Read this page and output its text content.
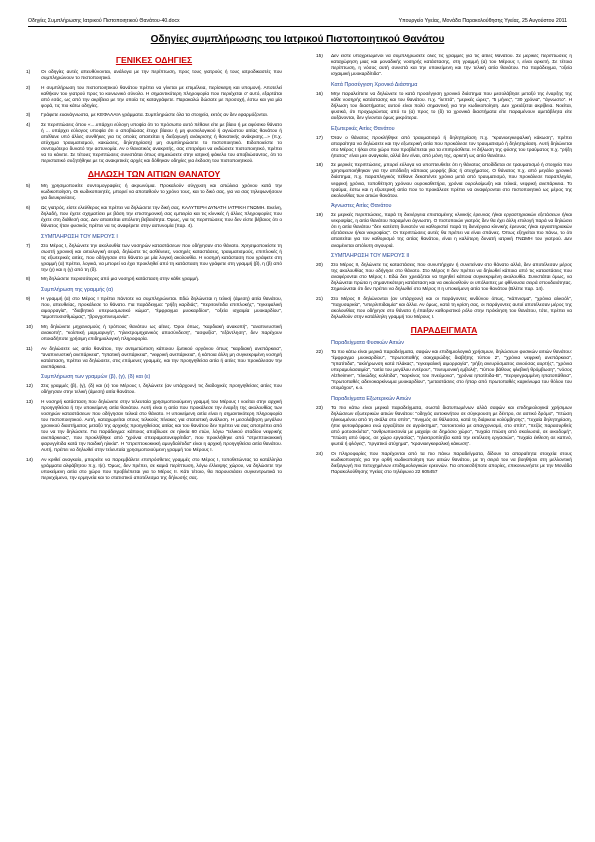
Οδηγίες Συμπλήρωσης Ιατρικού Πιστοποιητικού Θανάτου-40.docx	Υπουργείο Υγείας, Μονάδα Παρακολούθησης Υγείας, 25 Αυγούστου 2011
Οδηγίες συμπλήρωσης του Ιατρικού Πιστοποιητικού Θανάτου
ΓΕΝΙΚΕΣ ΟΔΗΓΙΕΣ
1)	Οι οδηγίες αυτές απευθύνονται, ανάλογα με την περίπτωση, προς τους γιατρούς ή τους ιατροδικαστές που συμπληρώνουν το πιστοποιητικό.
2)	Η συμπλήρωση του πιστοποιητικού θανάτου πρέπει να γίνεται με επιμέλεια, περίσκεψη και υπομονή. Αποτελεί καθήκον του γιατρού προς το κοινωνικό σύνολο. Η σημαντικότερη πληροφορία που περιέχεται σ' αυτό, εξαρτάται από εσάς, ως από την ακρίβεια με την οποία τις καταγράφετε. Παρακαλώ δώσατε με προσοχή, έστω και για μία φορά, τις πιο κάτω οδηγίες.
3)	Γράφετε ευανάγνωστα, με ΚΕΦΑΛΑΙΑ γράμματα. Συμπληρώστε όλα τα στοιχεία, εκτός αν δεν εφαρμόζονται.
4)	Σε περιπτώσεις όπου «....υπάρχει εύλογη υποψία ότι το πρόσωπο αυτό πέθανε είτε με βίαιο ή με αφύσικο θάνατο ή ... υπάρχει εύλογος υποψία ότι ο αποβιώσας έτυχε βίαιου ή μη φυσιολογικού ή αγνώστου αιτίας θανάτου ή απέθανε υπό άλλες συνθήκες για τις οποίες απαιτείται η διεξαγωγή ανάκρισης ή θανατικής ανάκρισης...» (π.χ. ατύχημα τραυματισμού, κακώσεις, δηλητηρίαση) μη συμπληρώσετε το πιστοποιητικό. Ειδοποιείστε το συντομότερο δυνατό την αστυνομία. Αν ο θανατικός ανακριτής, σας επιτρέψει να εκδώσετε πιστοποιητικό, πρέπει να το κάνετε. Σε τέτοιες περιπτώσεις συνιστάται όπως σημειώσετε στην ιατρική φάκελο του αποβιώσαντος, ότι το περιστατικό συζητήθηκε με τις ανακριτικές αρχές και δόθηκαν οδηγίες για έκδοση του πιστοποιητικού.
ΔΗΛΩΣΗ ΤΩΝ ΑΙΤΙΩΝ ΘΑΝΑΤΟΥ
5)	Μη χρησιμοποιείτε συντομογραφίες ή ακρωνύμια. Προκαλούν σύγχυση και απώλεια χρόνου κατά την κωδικοποίηση. Οι κωδικοποιητές, μπορεί να αποταθούν το χρόνο τους, και το δικό σας, για να σας τηλεφωνήσουν για διευκρινίσεις.
6)	Ως γιατρός, είστε ελεύθερος και πρέπει να δηλώσετε την δική σας, ΚΑΛΥΤΕΡΗ ΔΥΝΑΤΗ ΙΑΤΡΙΚΗ ΓΝΩΜΗ. Εκείνη, δηλαδή, που έχετε σχηματίσει με βάση την επιστημονική σας εμπειρία και τις κλινικές ή άλλες πληροφορίες που έχετε στη διάθεσή σας. Δεν απαιτείται απόλυτη βεβαιότητα. Όμως, για τις περιπτώσεις που δεν είστε βέβαιος ότι ο θάνατος ήταν φυσικός πρέπει να τις αναφέρετε στην αστυνομία (παρ. 4).
ΣΥΜΠΛΗΡΩΣΗ ΤΟΥ ΜΕΡΟΥΣ Ι
7)	Στο Μέρος Ι, δηλώνετε την ακολουθία των νοσηρών καταστάσεων που οδήγησαν στο θάνατο. Χρησιμοποιείστε τη σωστή χρονική και αιτιολογική σειρά, δηλώστε τις ασθένειες, νοσηρές καταστάσεις, τραυματισμούς, επιπλοκές ή τις εξωτερικές αιτίες, που οδήγησαν στο θάνατο με μία λογική ακολουθία. Η νοσηρή κατάσταση που γράφετε στη γραμμή (α) πρέπει, λογικά, να μπορεί να έχει προκληθεί από τη κατάσταση που γράφετε στη γραμμή (β), η (β) από την (γ) και η (γ) από τη (δ).
8)	Μη δηλώσετε περισσότερες από μια νοσηρή κατάσταση στην κάθε γραμμή.
Συμπλήρωση της γραμμής (α)
9)	Η γραμμή (α) στο Μέρος Ι πρέπει πάντοτε να συμπληρώνεται. Εδώ δηλώνεται η τελική (άμεση) αιτία θανάτου, που, απευθείας, προκάλεσε το θάνατο. Για παράδειγμα: "ρήξη καρδιάς", "περιτονίτιδα επιπλοκής", "εγκεφαλική αιμορραγία", "διαβητικό υπερωσμωτικό κώμα", "έμφραγμα μυοκαρδίου", "οξεία ισχαιμία μυοκαρδίου", "αιμοπτυσισθμώμας", "βρογχοπνευμονία".
10)	Μη δηλώνετε μηχανισμούς ή τρόπους θανάτου ως αίτιες. Όροι όπως, "καρδιακή ανακοπή", "αναπνευστική ανακοπή", "κολπική μαρμαρυγή", "ηλεκτρομηχανικός αποσύνδεση", "ασφυξία", "εξάντληση", δεν παρέχουν οποιαδήποτε χρήσιμη επιδημιολογική πληροφορία.
11)	Αν δηλώσετε ως αιτία θανάτου, την αντιμετώπιση κάποιου ζωτικού οργάνου όπως "καρδιακή ανεπάρκεια", "αναπνευστική ανεπάρκεια", "ηπατική ανεπάρκεια", "νεφρική ανεπάρκεια", ή κάποια άλλη μη συγκεκριμένη νοσηρή κατάσταση, πρέπει να δηλώσετε, στις επόμενες γραμμές, και την προηγηθείσα αιτία ή αιτίες που προκάλεσαν την ανεπάρκεια.
Συμπλήρωση των γραμμών (β), (γ), (δ) και (ε)
12)	Στις γραμμές (β), (γ), (δ) και (ε) του Μέρους Ι, δηλώνετε (αν υπάρχουν) τις διαδοχικές προηγηθείσες αιτίες που οδήγησαν στην τελική (άμεση) αιτία θανάτου.
13)	Η νοσηρή κατάσταση που δηλώνετε στην τελευταία χρησιμοποιούμενη γραμμή του Μέρους Ι νοείται στην αρχική προηγηθείσα ή την υποκείμενη αιτία θανάτου. Αυτή είναι η αιτία που προκάλεσε την έναρξη της ακολουθίας των νοσηρών καταστάσεων που οδήγησαν τελικά στο θάνατο. Η υποκείμενη αιτία είναι η σημαντικότερη πληροφορία του πιστοποιητικού. Αυτή, καταχωρείται στους τελικούς πίνακες για στατιστική ανάλυση. Η μεσολάβηση μεγάλου χρονικού διαστήματος μεταξύ της αρχικής προηγηθείσας αιτίας και του θανάτου δεν πρέπει να σας αποτρέπει από του να την δηλώσετε. Για παράδειγμα: κάποιος αποβίωσε σε ηλικία 60 ετών, λόγω "τελικού σταδίου νεφρικής ανεπάρκειας", που προκλήθηκε από "χρόνια σπειραματονεφρίτιδα", που προκλήθηκε από "στρεπτοκοκκική φαρυγγίτιδα κατά την παιδική ηλικία". Η "στρεπτοκοκκική αμυγδαλίτιδα" είναι η αρχική προηγηθείσα αιτία θανάτου. Αυτή, πρέπει να δηλωθεί στην τελευταία χρησιμοποιούμενη γραμμή του Μέρους Ι.
14)	Αν κριθεί αναγκαίο, μπορείτε να παρεμβάλετε επιπρόσθετες γραμμές στο Μέρος Ι, τοποθετώντας τα κατάλληλα γράμματα αλφάβητου π.χ. Ι(ε). Όμως, δεν πρέπει, σε καμιά περίπτωση, λόγω έλλειψης χώρου, να δηλώσετε την υποκείμενη αιτία στο χώρο που προβλέπεται για το Μέρος ΙΙ. Κάτι τέτοιο, θα παρουσιάσει συγκεντρωτικά το περιεχόμενο, την ερμηνεία και το στατιστικό αποτέλεσμα της δήλωσής σας.
15)	Δεν είστε υποχρεωμένοι να συμπληρώσετε όλες τις γραμμές για τις αιτίες θανάτου. Σε μερικές περιπτώσεις η καταχώρηση μιας και μοναδικής νοσηρής κατάστασης, στη γραμμή (α) του Μέρους Ι, είναι αρκετή. Σε τέτοια περίπτωση, η νόσος αυτή συνιστά και την υποκείμενη και την τελική αιτία θανάτου. Για παράδειγμα, "οξεία ισχαιμική μυοκαρδίτιδα".
Κατά Προσέγγιση Χρονικό Διάστημα
16)	Μην παραλείπετε να δηλώνετε το κατά προσέγγιση χρονικό διάστημα που μεσολάβησε μεταξύ της έναρξης της κάθε νοσηρής κατάστασης και του θανάτου. π.χ. "λεπτά", "μερικές ώρες", "5 μήνες", "30 χρόνια", "άγνωστο". Η δήλωση του διαστήματος αυτού είναι πολύ σημαντική για την κωδικοποίηση. Δεν χρειάζεται ακρίβεια. Νοείται, φυσικά, ότι προχωρώντας από το (α) προς το (δ) τα χρονικά διαστήματα είτε παραμένουν αμετάβλητα είτε αυξάνονται, δεν γίνονται όμως μικρότερα.
Εξωτερικές Αιτίες Θανάτου
17)	Όταν ο θάνατος προκλήθηκε από τραυματισμό ή δηλητηρίαση π.χ. "κρανιοεγκεφαλική κάκωση", πρέπει απαραίτητα να δηλώσετε και την εξωτερική αιτία που προκάλεσε τον τραυματισμό ή δηλητηρίαση. Αυτή δηλώνεται στο Μέρος Ι ή/και στο χώρο που προβλέπεται για τα επιπρόσθετα. Η δήλωση της φύσης του τραύματος π.χ. "ρήξη ήπατος" είναι μεν αναγκαία, αλλά δεν είναι, από μόνη της, αρκετή ως αιτία θανάτου.
18)	Σε μερικές περιπτώσεις, μπορεί εύλογα να υποπτευθείτε ότι η θάνατος αποδίδεται σε τραυματισμό ή στοιχεία που χρησιμοποιήθηκαν για την απόδειξη κάποιας μορφής βίας ή ατυχήματος. Ο θάνατος π.χ. από μεγάλο χρονικό διάστημα, π.χ. παραπληγικός πέθανε δεκαπέντε χρόνια μετά από τραυματισμό, που προκάλεσε παραπληγία, νεφρική χρόνια, τοποθέτηση χρόνιου ουροκαθετήρα, χρόνια ουρολοίμωξη και τελικά, νεφρική ανεπάρκεια. Το τραύμα, έστω και η εξωτερική αιτία που το προκάλεσε πρέπει να αναφέρονται στο πιστοποιητικό ως μέρος της ακολουθίας των αιτιών θανάτου.
Άγνωστες Αιτίες Θανάτου
19)	Σε μερικές περιπτώσεις, παρά τη διενέργεια επισταμένης κλινικής έρευνας ή/και εργαστηριακών εξετάσεων ή/και νεκροψίας, η αιτία θανάτου παραμένει άγνωστη. Ο πιστοποιών γιατρός δεν θα έχει άλλη επιλογή παρά να δηλώσει ότι η αιτία θανάτου "δεν κατέστη δυνατόν να καθοριστεί παρά τη διενέργεια κλινικής έρευνας ή/και εργαστηριακών εξετάσεων ή/και νεκροψίας". Οι περιπτώσεις αυτές θα πρέπει να είναι σπάνιες. Όπως εξηγείται πιο πάνω, το ότι απαιτείται για τον καθορισμό της αιτίας θανάτου, είναι η καλύτερη δυνατή ιατρική ΓΝΩΜΗ του γιατρού. Δεν αναμένεται απόλυτη σιγουριά.
ΣΥΜΠΛΗΡΩΣΗ ΤΟΥ ΜΕΡΟΥΣ ΙΙ
20)	Στο Μέρος ΙΙ, δηλώνετε τις καταστάσεις που συνυπήρχαν ή συνετείναν στο θάνατο αλλά, δεν αποτέλεσαν μέρος της ακολουθίας που οδήγησε στο θάνατο. Στο Μέρος ΙΙ δεν πρέπει να δηλωθεί κάποια από τις καταστάσεις που αναφέρονται στο Μέρος Ι. Εδώ δεν χρειάζεται να τηρηθεί κάποια συγκεκριμένη ακολουθία. Συνιστάται όμως, να δηλώνεται πρώτα η σημαντικότερη κατάσταση και να ακολουθούν οι υπόλοιπες με φθίνουσα σειρά σπουδαιότητας. Σημειώνεται ότι δεν πρέπει να δηλωθεί στο Μέρος ΙΙ η υποκείμενη αιτία του θανάτου (Βλέπε παρ. 14).
21)	Στο Μέρος ΙΙ δηλώνονται (αν υπάρχουν) και οι παράγοντες κινδύνου όπως, "κάπνισμα", "χρόνια αλκοόλ", "παχυσαρκία", "υπερλιπιδαιμία" και άλλα. Αν όμως, κατά τη κρίση σας, οι παράγοντες αυτοί αποτέλεσαν μέρος της ακολουθίας που οδήγησε στο θάνατο ή έπαιξαν καθοριστικό ρόλο στην πρόκληση του θανάτου, τότε, πρέπει να δηλωθούν στην κατάλληλη γραμμή του Μέρους Ι.
ΠΑΡΑΔΕΙΓΜΑΤΑ
Παραδείγματα Φυσικών Αιτιών
22)	Τα πιο κάτω είναι μερικά παραδείγματα, σαφών και επιδημιολογικά χρήσιμων, δηλώσεων φυσικών αιτιών θανάτου: "έμφραγμα μυοκαρδίου", "πρωτοπαθής σακχαρώδης διαβήτης τύπου 2", "χρόνια νεφρική ανεπάρκεια", "ηπατίτιδα", "ακλήρωνση κατά πλάκας", "εγκεφαλική αιμορραγία", "ρήξη ανευρύσματος ανιούσας αορτής", "χρόνια υπεραμυλασαιμία", "αιτία του μεγάλου εντέρου", "πνευμονική εμβολή", "τύπου βάθους φλεβική θρόμβωση", "νόσος Alzheimer", "ελκώδης κολίτιδα", "καρκίνος του πνεύμονα", "χρόνια ηπατίτιδα-Β", "περιγεγραμμένη ηπατοπάθεια", "πρωτοπαθές αδενοκαρκίνωμα μυοκαρδίου", "μεταστάσεις στο ήπαρ από πρωτοπαθές καρκίνωμα του θόλου του στομάχου", κ.ο.
Παραδείγματα Εξωτερικών Αιτιών
23)	Τα πιο κάτω είναι μερικά παραδείγματα, σωστά διατυπωμένων αλλά σαφών και επιδημιολογικά χρήσιμων δηλώσεων εξωτερικών αιτιών θανάτου: "οδηγός αυτοκινήτου σε σύγκρουση με δέντρο, σε αστικό δρόμο", "πτώση ηλικιωμένου από τη σκάλα στο σπίτι", "πνιγμός σε θάλασσα, κατά τη διάρκεια κολύμβησης", "τυχαία δηλητηρίαση, ήπιε φυτοφάρμακο ενώ εργαζόταν σε αγρόκτημα", "αυτοκτονία με απαγχονισμό, στο σπίτι", "πεζός παρασυρθείς από μοτοσικλέτα", "ανθρωποκτονία με μαχαίρι σε δημόσιο χώρο", "τυχαία πτώση από σκαλωσιά, σε οικοδομή", "πτώση από ύψος, σε χώρο εργασίας", "ηλεκτροπληξία κατά την εκτέλεση εργασιών", "τυχαία έκθεση σε καπνό, φωτιά ή φλόγες", "εργατικό ατύχημα", "κρανιοεγκεφαλική κάκωση".
24)	Οι πληροφορίες που παρέχονται από τα πιο πάνω παραδείγματα, δίδουν τα απαραίτητα στοιχεία στους κωδικοποιητές για την ορθή κωδικοποίηση των αιτιών θανάτου, με τη σειρά του να βοηθήσει στη μελλοντική διεξαγωγή πιο πετυχημένων επιδημιολογικών ερευνών. Για οποιεσδήποτε απορίες, επικοινωνήστε με την Μονάδα Παρακολούθησης Υγείας στο τηλέφωνο 22 605457
